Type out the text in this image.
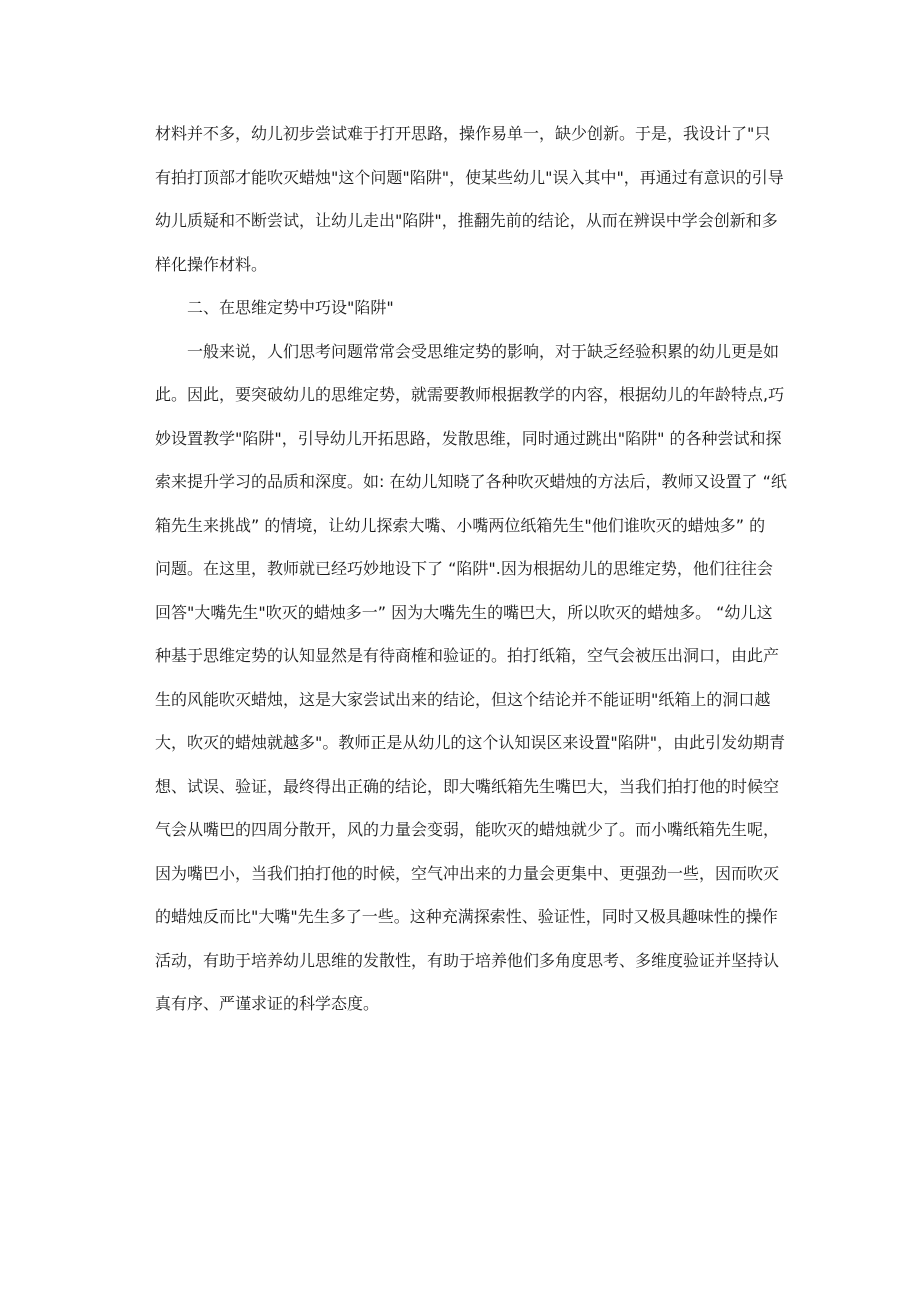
材料并不多，幼儿初步尝试难于打开思路，操作易单一，缺少创新。于是，我设计了"只
有拍打顶部才能吹灭蜡烛"这个问题"陷阱"，使某些幼儿"误入其中"，再通过有意识的引导
幼儿质疑和不断尝试，让幼儿走出"陷阱"，推翻先前的结论，从而在辨误中学会创新和多
样化操作材料。
　　二、在思维定势中巧设"陷阱"
　　一般来说，人们思考问题常常会受思维定势的影响，对于缺乏经验积累的幼儿更是如
此。因此，要突破幼儿的思维定势，就需要教师根据教学的内容，根据幼儿的年龄特点,巧
妙设置教学"陷阱"，引导幼儿开拓思路，发散思维，同时通过跳出"陷阱" 的各种尝试和探
索来提升学习的品质和深度。如: 在幼儿知晓了各种吹灭蜡烛的方法后，教师又设置了 “纸
箱先生来挑战” 的情境，让幼儿探索大嘴、小嘴两位纸箱先生"他们谁吹灭的蜡烛多” 的
问题。在这里，教师就已经巧妙地设下了 “陷阱".因为根据幼儿的思维定势，他们往往会
回答"大嘴先生"吹灭的蜡烛多一” 因为大嘴先生的嘴巴大，所以吹灭的蜡烛多。 “幼儿这
种基于思维定势的认知显然是有待商榷和验证的。拍打纸箱，空气会被压出洞口，由此产
生的风能吹灭蜡烛，这是大家尝试出来的结论，但这个结论并不能证明"纸箱上的洞口越
大，吹灭的蜡烛就越多"。教师正是从幼儿的这个认知误区来设置"陷阱"，由此引发幼期青
想、试误、验证，最终得出正确的结论，即大嘴纸箱先生嘴巴大，当我们拍打他的时候空
气会从嘴巴的四周分散开，风的力量会变弱，能吹灭的蜡烛就少了。而小嘴纸箱先生呢，
因为嘴巴小，当我们拍打他的时候，空气冲出来的力量会更集中、更强劲一些，因而吹灭
的蜡烛反而比"大嘴"先生多了一些。这种充满探索性、验证性，同时又极具趣味性的操作
活动，有助于培养幼儿思维的发散性，有助于培养他们多角度思考、多维度验证并坚持认
真有序、严谨求证的科学态度。
